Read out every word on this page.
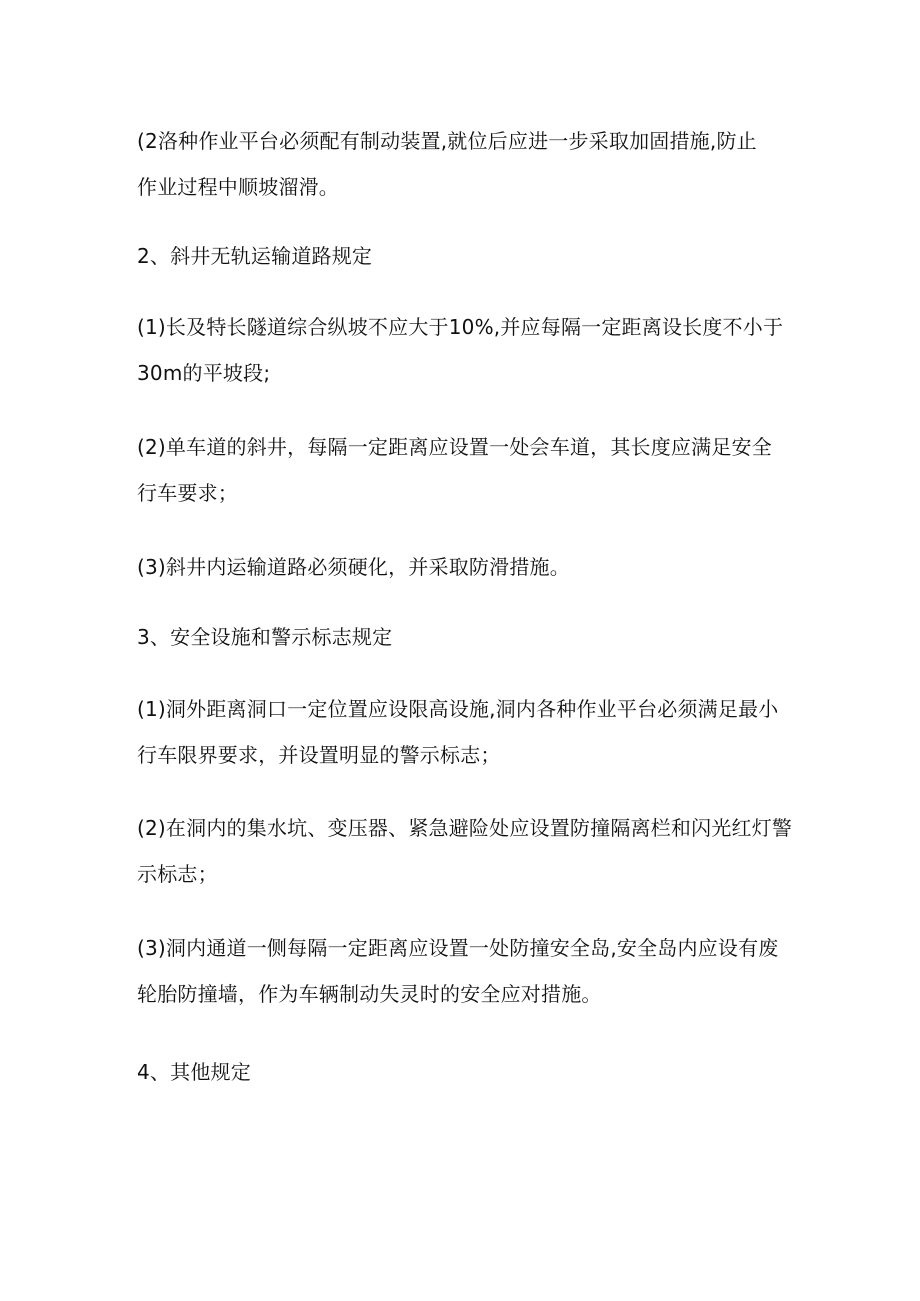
(2洛种作业平台必须配有制动装置,就位后应进一步采取加固措施,防止
作业过程中顺坡溜滑。

2、斜井无轨运输道路规定

(1)长及特长隧道综合纵坡不应大于10%,并应每隔一定距离设长度不小于
30m的平坡段;

(2)单车道的斜井，每隔一定距离应设置一处会车道，其长度应满足安全
行车要求；

(3)斜井内运输道路必须硬化，并采取防滑措施。

3、安全设施和警示标志规定

(1)洞外距离洞口一定位置应设限高设施,洞内各种作业平台必须满足最小
行车限界要求，并设置明显的警示标志；

(2)在洞内的集水坑、变压器、紧急避险处应设置防撞隔离栏和闪光红灯警
示标志；

(3)洞内通道一侧每隔一定距离应设置一处防撞安全岛,安全岛内应设有废
轮胎防撞墙，作为车辆制动失灵时的安全应对措施。

4、其他规定
